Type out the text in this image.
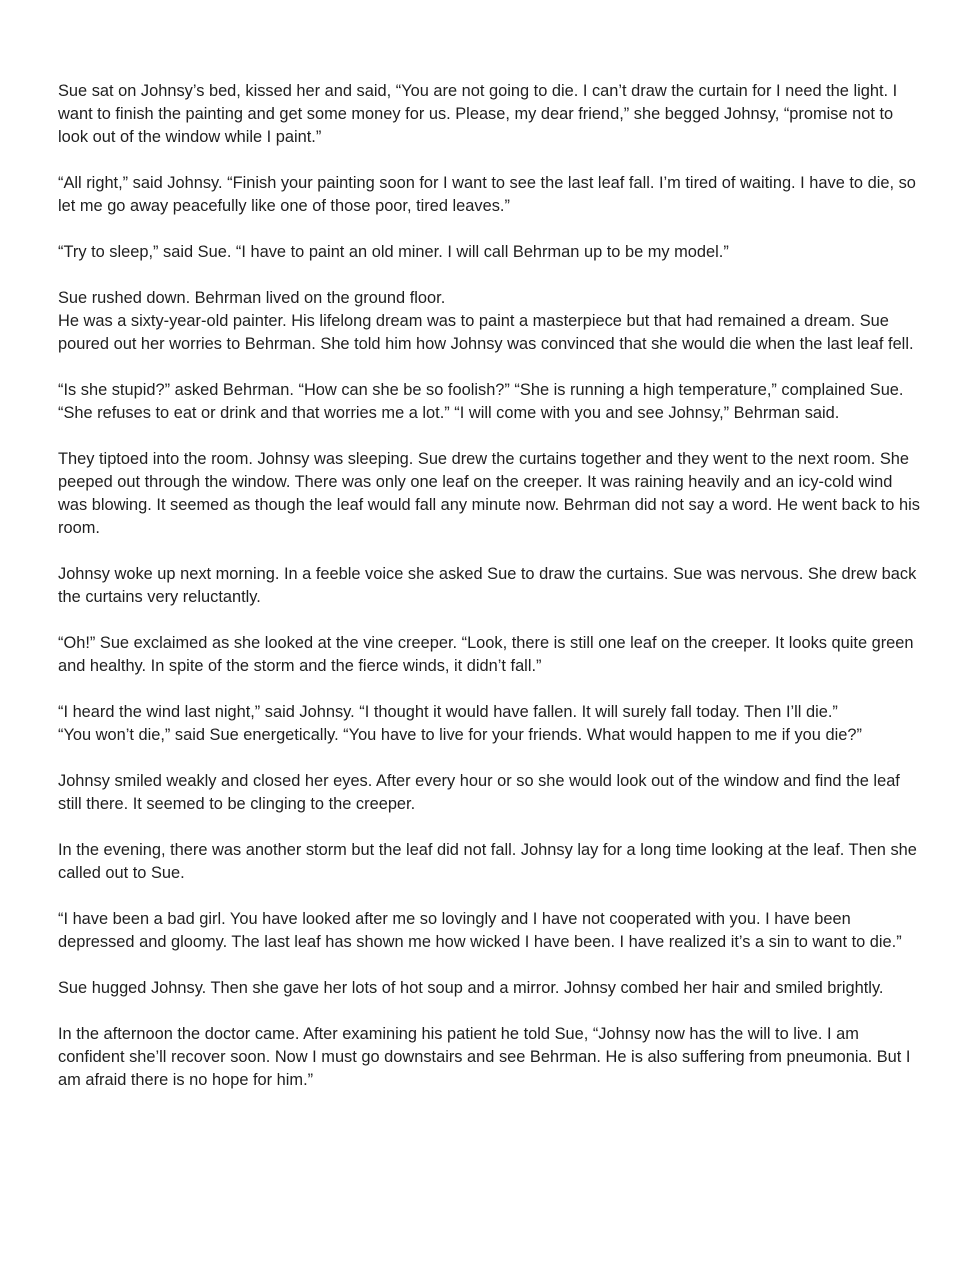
Sue sat on Johnsy’s bed, kissed her and said, “You are not going to die. I can’t draw the curtain for I need the light. I want to finish the painting and get some money for us. Please, my dear friend,” she begged Johnsy, “promise not to look out of the window while I paint.”

“All right,” said Johnsy. “Finish your painting soon for I want to see the last leaf fall. I’m tired of waiting. I have to die, so let me go away peacefully like one of those poor, tired leaves.”

“Try to sleep,” said Sue. “I have to paint an old miner. I will call Behrman up to be my model.”

Sue rushed down. Behrman lived on the ground floor.

He was a sixty-year-old painter. His lifelong dream was to paint a masterpiece but that had remained a dream. Sue poured out her worries to Behrman. She told him how Johnsy was convinced that she would die when the last leaf fell.

“Is she stupid?” asked Behrman. “How can she be so foolish?” “She is running a high temperature,” complained Sue. “She refuses to eat or drink and that worries me a lot.” “I will come with you and see Johnsy,” Behrman said.

They tiptoed into the room. Johnsy was sleeping. Sue drew the curtains together and they went to the next room. She peeped out through the window. There was only one leaf on the creeper. It was raining heavily and an icy-cold wind was blowing. It seemed as though the leaf would fall any minute now. Behrman did not say a word. He went back to his room.

Johnsy woke up next morning. In a feeble voice she asked Sue to draw the curtains. Sue was nervous. She drew back the curtains very reluctantly.

“Oh!” Sue exclaimed as she looked at the vine creeper. “Look, there is still one leaf on the creeper. It looks quite green and healthy. In spite of the storm and the fierce winds, it didn’t fall.”

“I heard the wind last night,” said Johnsy. “I thought it would have fallen. It will surely fall today. Then I’ll die.”

“You won’t die,” said Sue energetically. “You have to live for your friends. What would happen to me if you die?”

Johnsy smiled weakly and closed her eyes. After every hour or so she would look out of the window and find the leaf still there. It seemed to be clinging to the creeper.

In the evening, there was another storm but the leaf did not fall. Johnsy lay for a long time looking at the leaf. Then she called out to Sue.

“I have been a bad girl. You have looked after me so lovingly and I have not cooperated with you. I have been depressed and gloomy. The last leaf has shown me how wicked I have been. I have realized it’s a sin to want to die.”

Sue hugged Johnsy. Then she gave her lots of hot soup and a mirror. Johnsy combed her hair and smiled brightly.

In the afternoon the doctor came. After examining his patient he told Sue, “Johnsy now has the will to live. I am confident she’ll recover soon. Now I must go downstairs and see Behrman. He is also suffering from pneumonia. But I am afraid there is no hope for him.”
